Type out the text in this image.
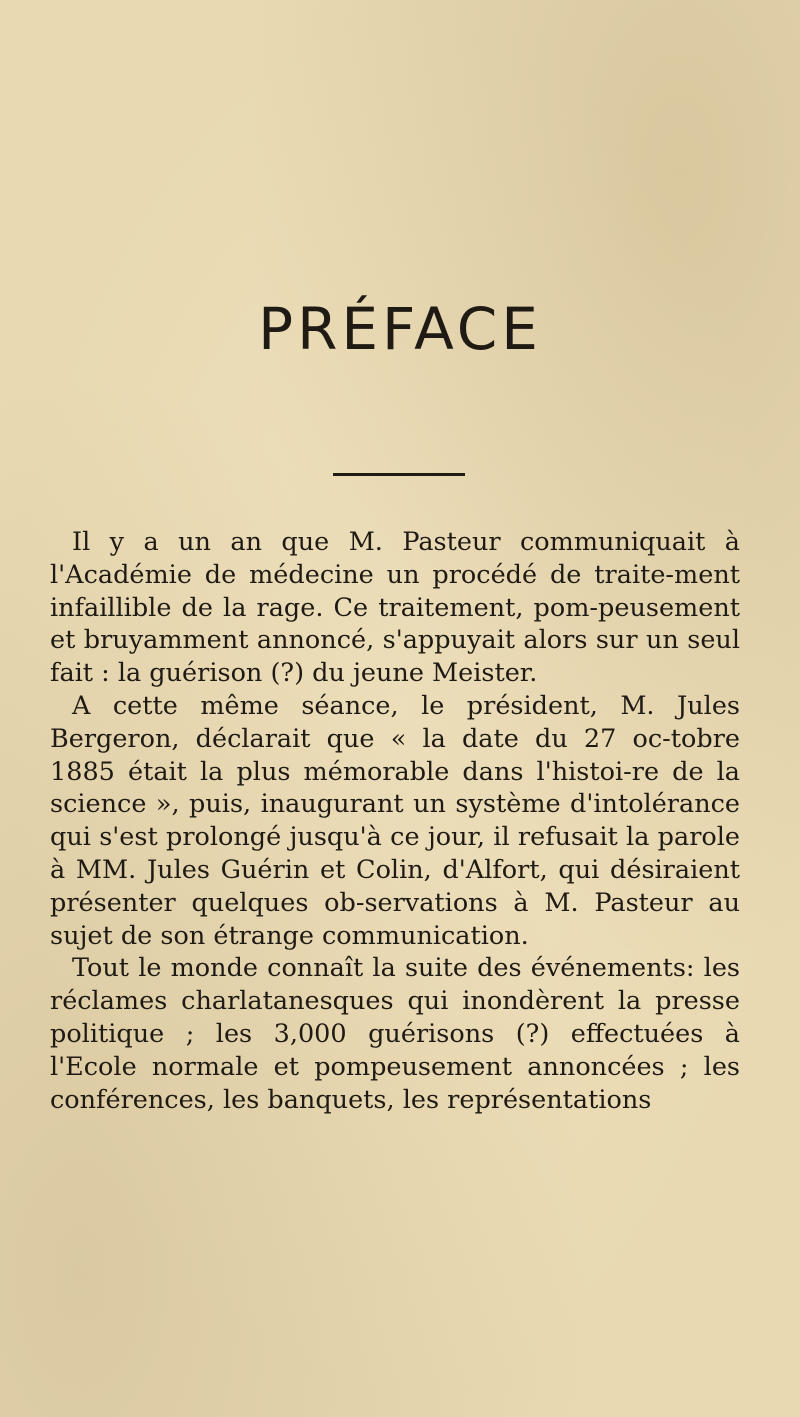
PRÉFACE

Il y a un an que M. Pasteur communiquait à l'Académie de médecine un procédé de traite-ment infaillible de la rage. Ce traitement, pom-peusement et bruyamment annoncé, s'appuyait alors sur un seul fait : la guérison (?) du jeune Meister.

A cette même séance, le président, M. Jules Bergeron, déclarait que « la date du 27 oc-tobre 1885 était la plus mémorable dans l'histoi-re de la science », puis, inaugurant un système d'intolérance qui s'est prolongé jusqu'à ce jour, il refusait la parole à MM. Jules Guérin et Colin, d'Alfort, qui désiraient présenter quelques ob-servations à M. Pasteur au sujet de son étrange communication.

Tout le monde connaît la suite des événements: les réclames charlatanesques qui inondèrent la presse politique ; les 3,000 guérisons (?) effectuées à l'Ecole normale et pompeusement annoncées ; les conférences, les banquets, les représentations
